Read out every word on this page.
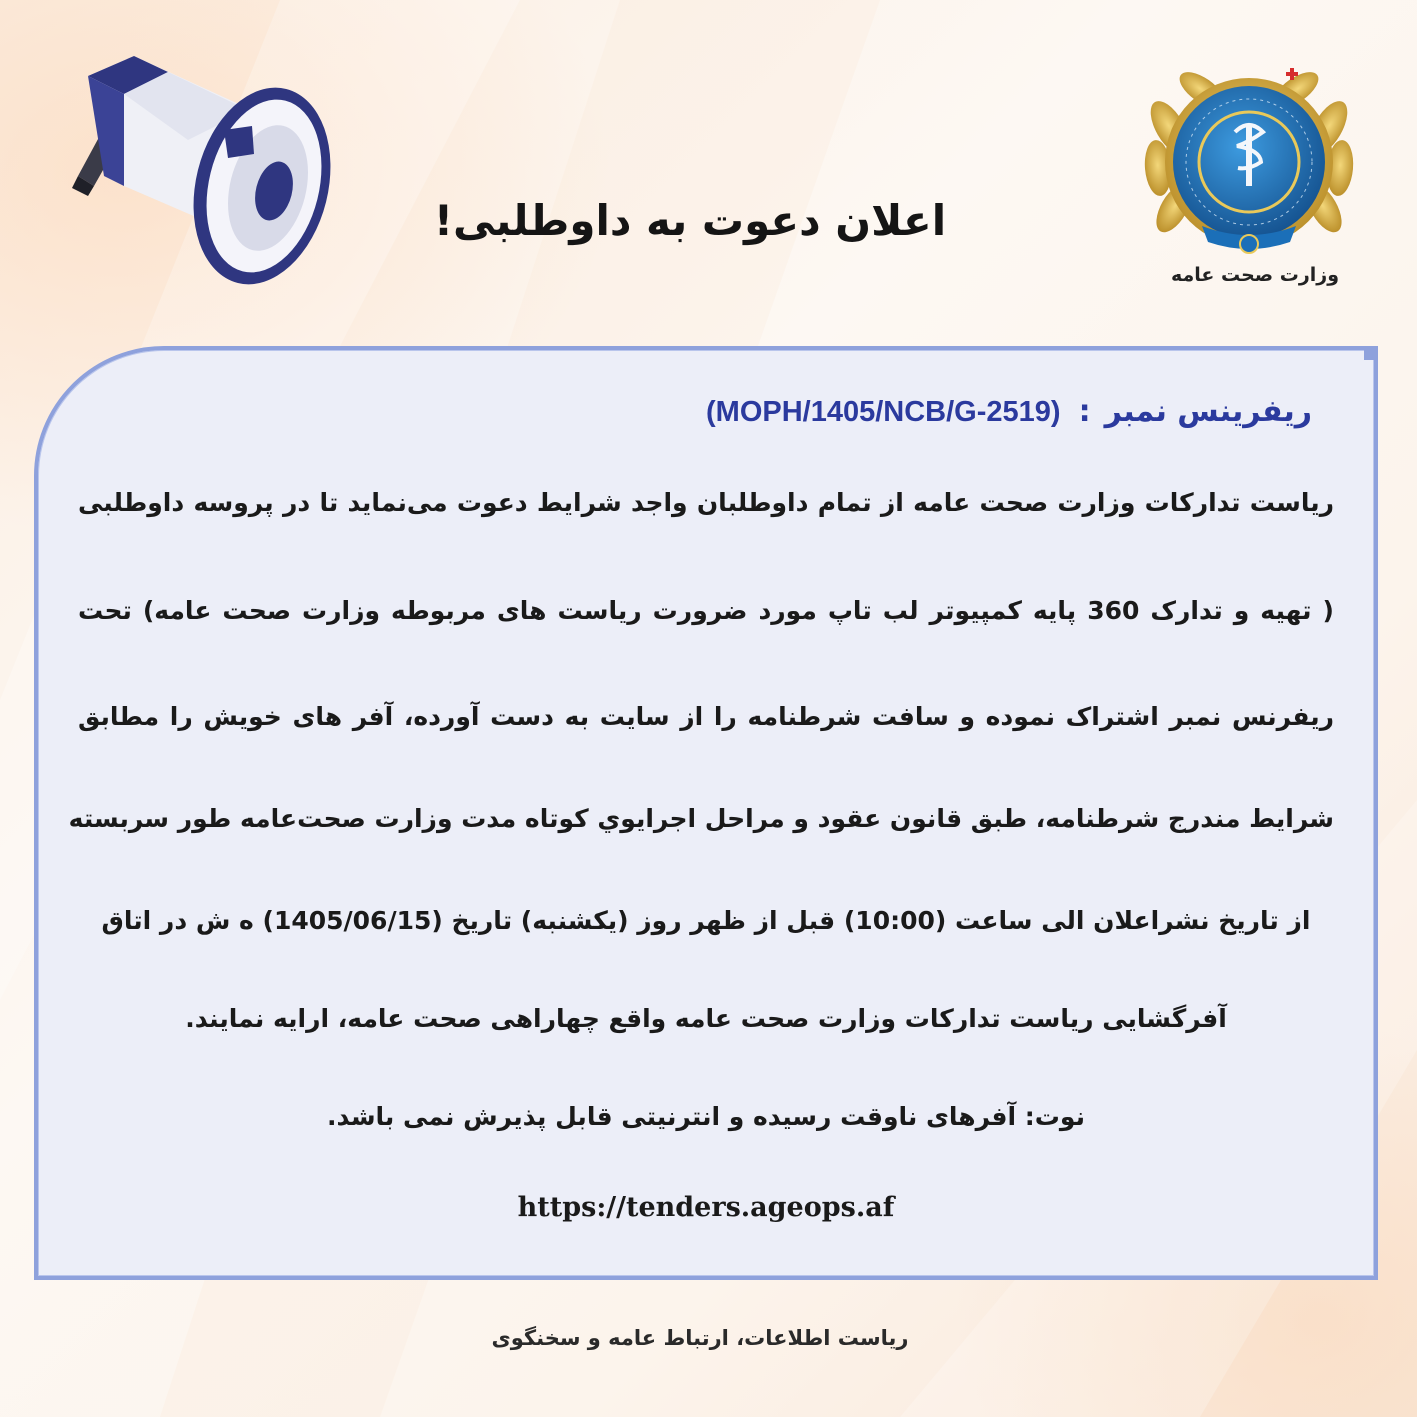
وزارت صحت عامه
اعلان دعوت به داوطلبی!
ریفرینس نمبر:(MOPH/1405/NCB/G-2519)
ریاست تدارکات وزارت صحت عامه از تمام داوطلبان واجد شرایط دعوت می‌نماید تا در پروسه داوطلبی
( تهیه و تدارک 360 پایه کمپیوتر لب تاپ مورد ضرورت ریاست های مربوطه وزارت صحت عامه) تحت
ریفرنس نمبر اشتراک نموده و سافت شرطنامه را از سایت به دست آورده، آفر های خویش را مطابق
شرایط مندرج شرطنامه، طبق قانون عقود و مراحل اجرایوي کوتاه مدت وزارت صحت‌عامه طور سربسته
از تاریخ نشراعلان الی ساعت (10:00) قبل از ظهر روز (یکشنبه) تاریخ (1405/06/15) ه ش در اتاق
آفرگشایی ریاست تدارکات وزارت صحت عامه واقع چهاراهی صحت عامه، ارایه نمایند.
نوت: آفرهای ناوقت رسیده و انترنیتی قابل پذیرش نمی باشد.
https://tenders.ageops.af
ریاست اطلاعات، ارتباط عامه و سخنگوی
